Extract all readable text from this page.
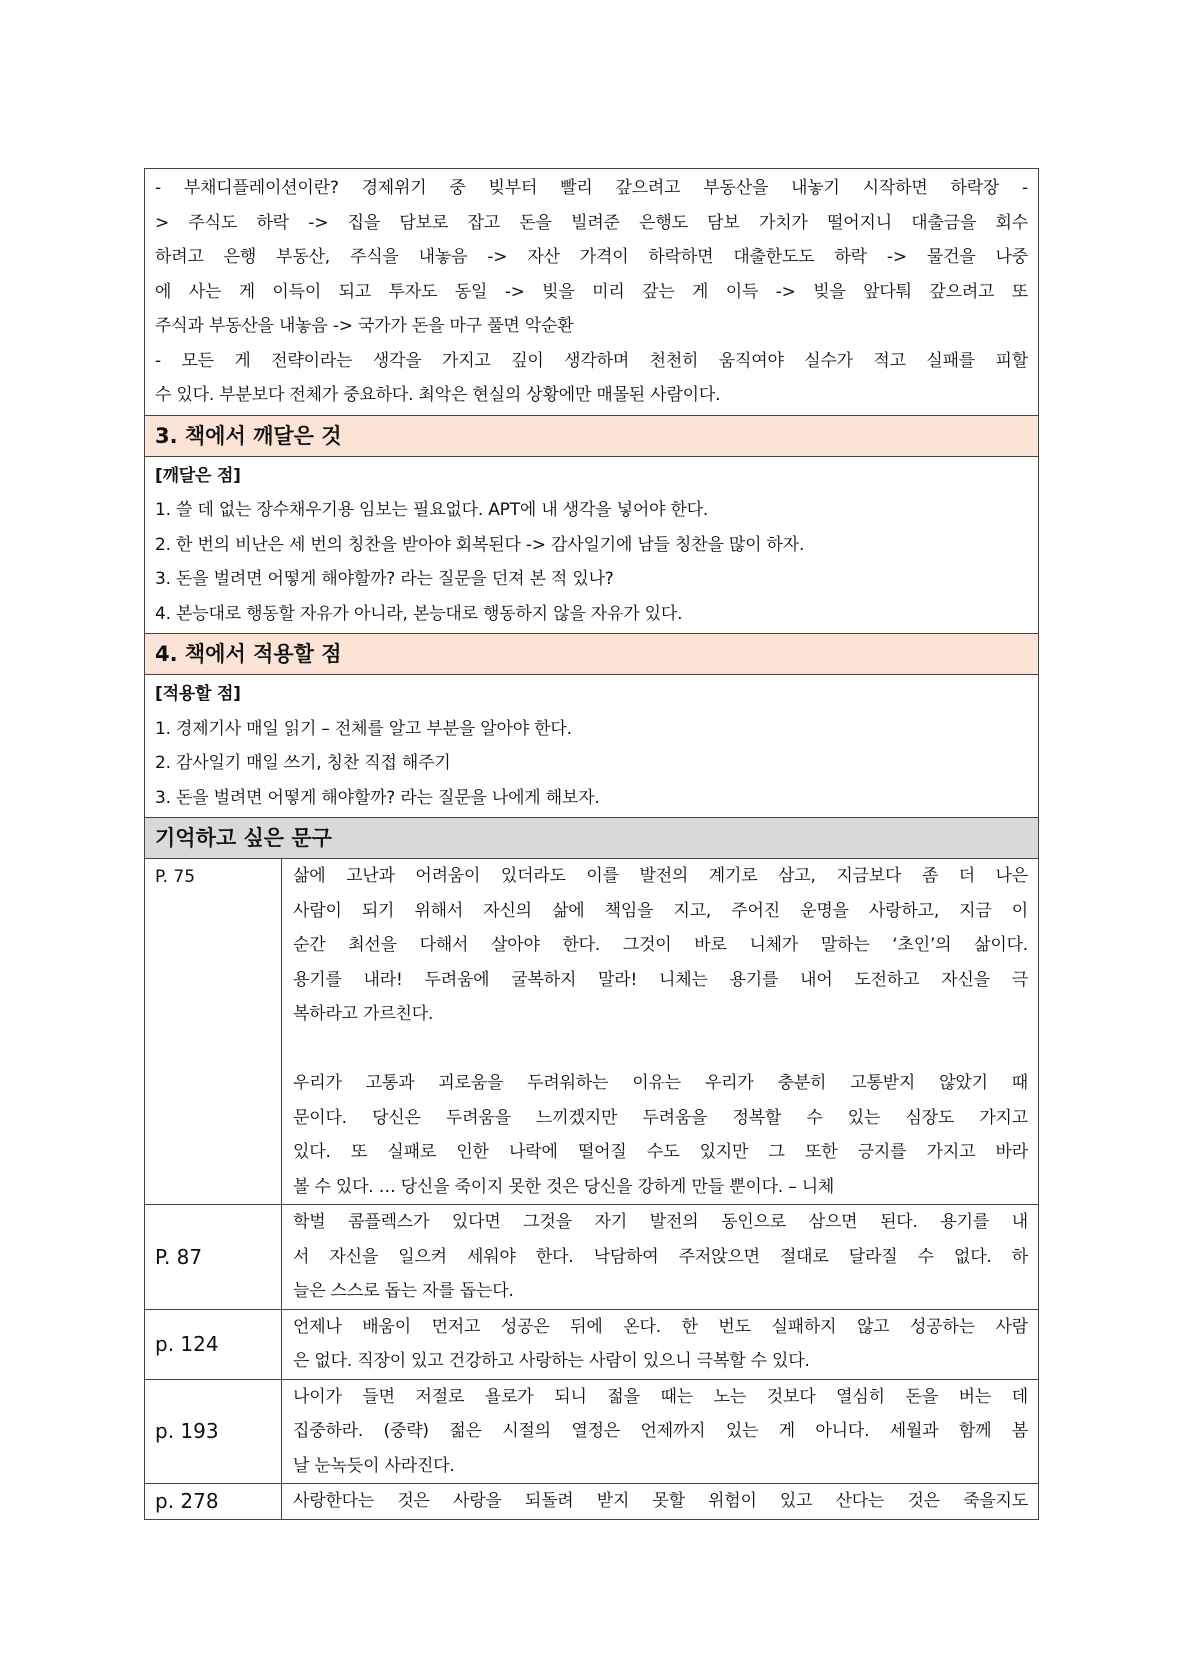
- 부채디플레이션이란? 경제위기 중 빚부터 빨리 갚으려고 부동산을 내놓기 시작하면 하락장 -
> 주식도 하락 -> 집을 담보로 잡고 돈을 빌려준 은행도 담보 가치가 떨어지니 대출금을 회수
하려고 은행 부동산, 주식을 내놓음 -> 자산 가격이 하락하면 대출한도도 하락 -> 물건을 나중
에 사는 게 이득이 되고 투자도 동일 -> 빚을 미리 갚는 게 이득 -> 빚을 앞다퉈 갚으려고 또
주식과 부동산을 내놓음 -> 국가가 돈을 마구 풀면 악순환
- 모든 게 전략이라는 생각을 가지고 깊이 생각하며 천천히 움직여야 실수가 적고 실패를 피할
수 있다. 부분보다 전체가 중요하다. 최악은 현실의 상황에만 매몰된 사람이다.
3. 책에서 깨달은 것
[깨달은 점]
1. 쓸 데 없는 장수채우기용 임보는 필요없다. APT에 내 생각을 넣어야 한다.
2. 한 번의 비난은 세 번의 칭찬을 받아야 회복된다 -> 감사일기에 남들 칭찬을 많이 하자.
3. 돈을 벌려면 어떻게 해야할까? 라는 질문을 던져 본 적 있나?
4. 본능대로 행동할 자유가 아니라, 본능대로 행동하지 않을 자유가 있다.
4. 책에서 적용할 점
[적용할 점]
1. 경제기사 매일 읽기 – 전체를 알고 부분을 알아야 한다.
2. 감사일기 매일 쓰기, 칭찬 직접 해주기
3. 돈을 벌려면 어떻게 해야할까? 라는 질문을 나에게 해보자.
기억하고 싶은 문구
P. 75	삶에 고난과 어려움이 있더라도 이를 발전의 계기로 삼고, 지금보다 좀 더 나은
사람이 되기 위해서 자신의 삶에 책임을 지고, 주어진 운명을 사랑하고, 지금 이
순간 최선을 다해서 살아야 한다. 그것이 바로 니체가 말하는 ‘초인’의 삶이다.
용기를 내라! 두려움에 굴복하지 말라! 니체는 용기를 내어 도전하고 자신을 극
복하라고 가르친다.
우리가 고통과 괴로움을 두려워하는 이유는 우리가 충분히 고통받지 않았기 때
문이다. 당신은 두려움을 느끼겠지만 두려움을 정복할 수 있는 심장도 가지고
있다. 또 실패로 인한 나락에 떨어질 수도 있지만 그 또한 긍지를 가지고 바라
볼 수 있다. … 당신을 죽이지 못한 것은 당신을 강하게 만들 뿐이다. – 니체
P. 87
학벌 콤플렉스가 있다면 그것을 자기 발전의 동인으로 삼으면 된다. 용기를 내
서 자신을 일으켜 세워야 한다. 낙담하여 주저앉으면 절대로 달라질 수 없다. 하
늘은 스스로 돕는 자를 돕는다.
p. 124
언제나 배움이 먼저고 성공은 뒤에 온다. 한 번도 실패하지 않고 성공하는 사람
은 없다. 직장이 있고 건강하고 사랑하는 사람이 있으니 극복할 수 있다.
p. 193
나이가 들면 저절로 욜로가 되니 젊을 때는 노는 것보다 열심히 돈을 버는 데
집중하라. (중략) 젊은 시절의 열정은 언제까지 있는 게 아니다. 세월과 함께 봄
날 눈녹듯이 사라진다.
p. 278	사랑한다는 것은 사랑을 되돌려 받지 못할 위험이 있고 산다는 것은 죽을지도
